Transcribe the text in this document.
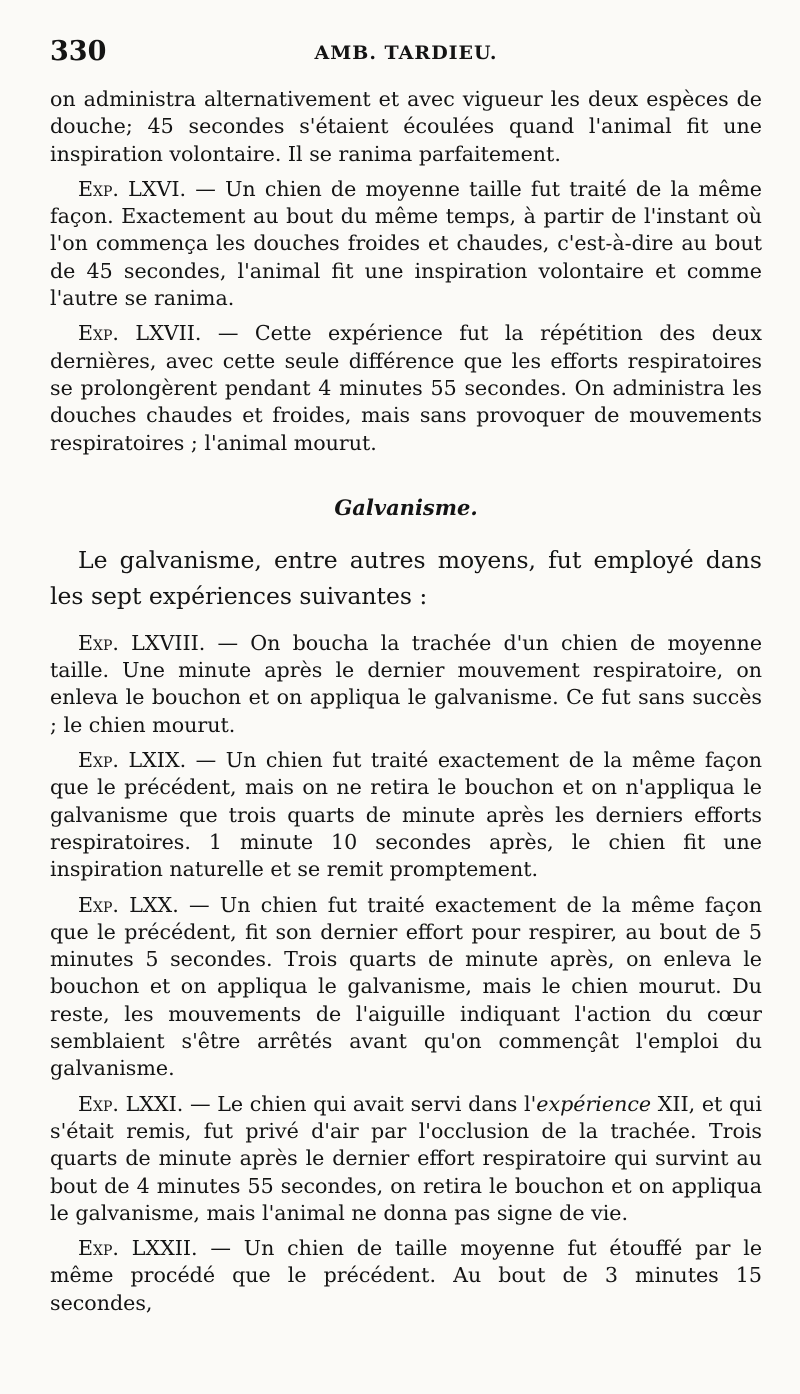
330	AMB. TARDIEU.

on administra alternativement et avec vigueur les deux espèces de douche; 45 secondes s'étaient écoulées quand l'animal fit une inspiration volontaire. Il se ranima parfaitement.

Exp. LXVI. — Un chien de moyenne taille fut traité de la même façon. Exactement au bout du même temps, à partir de l'instant où l'on commença les douches froides et chaudes, c'est-à-dire au bout de 45 secondes, l'animal fit une inspiration volontaire et comme l'autre se ranima.

Exp. LXVII. — Cette expérience fut la répétition des deux dernières, avec cette seule différence que les efforts respiratoires se prolongèrent pendant 4 minutes 55 secondes. On administra les douches chaudes et froides, mais sans provoquer de mouvements respiratoires ; l'animal mourut.

Galvanisme.

Le galvanisme, entre autres moyens, fut employé dans les sept expériences suivantes :

Exp. LXVIII. — On boucha la trachée d'un chien de moyenne taille. Une minute après le dernier mouvement respiratoire, on enleva le bouchon et on appliqua le galvanisme. Ce fut sans succès ; le chien mourut.

Exp. LXIX. — Un chien fut traité exactement de la même façon que le précédent, mais on ne retira le bouchon et on n'appliqua le galvanisme que trois quarts de minute après les derniers efforts respiratoires. 1 minute 10 secondes après, le chien fit une inspiration naturelle et se remit promptement.

Exp. LXX. — Un chien fut traité exactement de la même façon que le précédent, fit son dernier effort pour respirer, au bout de 5 minutes 5 secondes. Trois quarts de minute après, on enleva le bouchon et on appliqua le galvanisme, mais le chien mourut. Du reste, les mouvements de l'aiguille indiquant l'action du cœur semblaient s'être arrêtés avant qu'on commençât l'emploi du galvanisme.

Exp. LXXI. — Le chien qui avait servi dans l'expérience XII, et qui s'était remis, fut privé d'air par l'occlusion de la trachée. Trois quarts de minute après le dernier effort respiratoire qui survint au bout de 4 minutes 55 secondes, on retira le bouchon et on appliqua le galvanisme, mais l'animal ne donna pas signe de vie.

Exp. LXXII. — Un chien de taille moyenne fut étouffé par le même procédé que le précédent. Au bout de 3 minutes 15 secondes,
